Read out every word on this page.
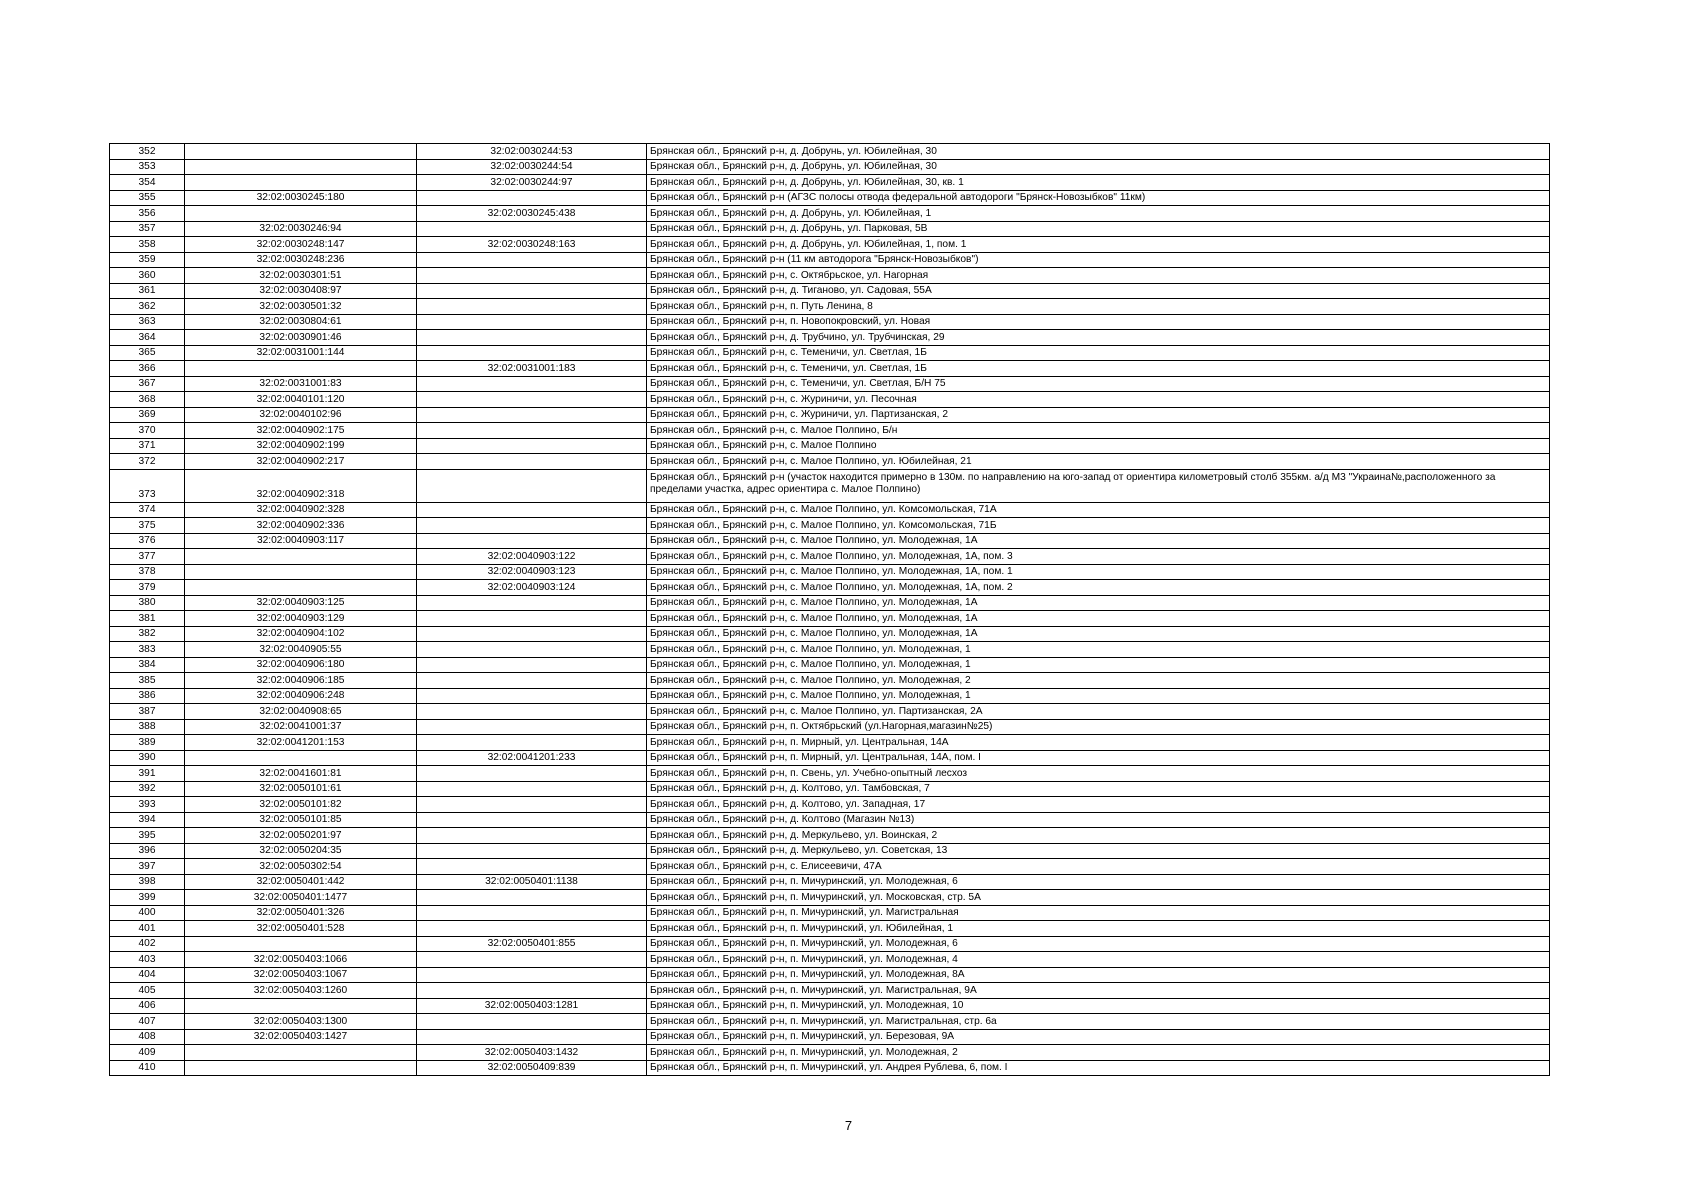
352		32:02:0030244:53	Брянская обл., Брянский р-н, д. Добрунь, ул. Юбилейная, 30
353		32:02:0030244:54	Брянская обл., Брянский р-н, д. Добрунь, ул. Юбилейная, 30
354		32:02:0030244:97	Брянская обл., Брянский р-н, д. Добрунь, ул. Юбилейная, 30, кв. 1
355	32:02:0030245:180		Брянская обл., Брянский р-н (АГЗС полосы отвода федеральной автодороги "Брянск-Новозыбков" 11км)
356		32:02:0030245:438	Брянская обл., Брянский р-н, д. Добрунь, ул. Юбилейная, 1
357	32:02:0030246:94		Брянская обл., Брянский р-н, д. Добрунь, ул. Парковая, 5В
358	32:02:0030248:147	32:02:0030248:163	Брянская обл., Брянский р-н, д. Добрунь, ул. Юбилейная, 1, пом. 1
359	32:02:0030248:236		Брянская обл., Брянский р-н (11 км автодорога "Брянск-Новозыбков")
360	32:02:0030301:51		Брянская обл., Брянский р-н, с. Октябрьское, ул. Нагорная
361	32:02:0030408:97		Брянская обл., Брянский р-н, д. Тиганово, ул. Садовая, 55А
362	32:02:0030501:32		Брянская обл., Брянский р-н, п. Путь Ленина, 8
363	32:02:0030804:61		Брянская обл., Брянский р-н, п. Новопокровский, ул. Новая
364	32:02:0030901:46		Брянская обл., Брянский р-н, д. Трубчино, ул. Трубчинская, 29
365	32:02:0031001:144		Брянская обл., Брянский р-н, с. Теменичи, ул. Светлая, 1Б
366		32:02:0031001:183	Брянская обл., Брянский р-н, с. Теменичи, ул. Светлая, 1Б
367	32:02:0031001:83		Брянская обл., Брянский р-н, с. Теменичи, ул. Светлая, Б/Н 75
368	32:02:0040101:120		Брянская обл., Брянский р-н, с. Журиничи, ул. Песочная
369	32:02:0040102:96		Брянская обл., Брянский р-н, с. Журиничи, ул. Партизанская, 2
370	32:02:0040902:175		Брянская обл., Брянский р-н, с. Малое Полпино, Б/н
371	32:02:0040902:199		Брянская обл., Брянский р-н, с. Малое Полпино
372	32:02:0040902:217		Брянская обл., Брянский р-н, с. Малое Полпино, ул. Юбилейная, 21
373	32:02:0040902:318		Брянская обл., Брянский р-н (участок находится примерно в 130м. по направлению на юго-запад от ориентира километровый столб 355км. а/д М3 "Украина№,расположенного за пределами участка, адрес ориентира с. Малое Полпино)
374	32:02:0040902:328		Брянская обл., Брянский р-н, с. Малое Полпино, ул. Комсомольская, 71А
375	32:02:0040902:336		Брянская обл., Брянский р-н, с. Малое Полпино, ул. Комсомольская, 71Б
376	32:02:0040903:117		Брянская обл., Брянский р-н, с. Малое Полпино, ул. Молодежная, 1А
377		32:02:0040903:122	Брянская обл., Брянский р-н, с. Малое Полпино, ул. Молодежная, 1А, пом. 3
378		32:02:0040903:123	Брянская обл., Брянский р-н, с. Малое Полпино, ул. Молодежная, 1А, пом. 1
379		32:02:0040903:124	Брянская обл., Брянский р-н, с. Малое Полпино, ул. Молодежная, 1А, пом. 2
380	32:02:0040903:125		Брянская обл., Брянский р-н, с. Малое Полпино, ул. Молодежная, 1А
381	32:02:0040903:129		Брянская обл., Брянский р-н, с. Малое Полпино, ул. Молодежная, 1А
382	32:02:0040904:102		Брянская обл., Брянский р-н, с. Малое Полпино, ул. Молодежная, 1А
383	32:02:0040905:55		Брянская обл., Брянский р-н, с. Малое Полпино, ул. Молодежная, 1
384	32:02:0040906:180		Брянская обл., Брянский р-н, с. Малое Полпино, ул. Молодежная, 1
385	32:02:0040906:185		Брянская обл., Брянский р-н, с. Малое Полпино, ул. Молодежная, 2
386	32:02:0040906:248		Брянская обл., Брянский р-н, с. Малое Полпино, ул. Молодежная, 1
387	32:02:0040908:65		Брянская обл., Брянский р-н, с. Малое Полпино, ул. Партизанская, 2А
388	32:02:0041001:37		Брянская обл., Брянский р-н, п. Октябрьский (ул.Нагорная,магазин№25)
389	32:02:0041201:153		Брянская обл., Брянский р-н, п. Мирный, ул. Центральная, 14А
390		32:02:0041201:233	Брянская обл., Брянский р-н, п. Мирный, ул. Центральная, 14А, пом. I
391	32:02:0041601:81		Брянская обл., Брянский р-н, п. Свень, ул. Учебно-опытный лесхоз
392	32:02:0050101:61		Брянская обл., Брянский р-н, д. Колтово, ул. Тамбовская, 7
393	32:02:0050101:82		Брянская обл., Брянский р-н, д. Колтово, ул. Западная, 17
394	32:02:0050101:85		Брянская обл., Брянский р-н, д. Колтово (Магазин №13)
395	32:02:0050201:97		Брянская обл., Брянский р-н, д. Меркульево, ул. Воинская, 2
396	32:02:0050204:35		Брянская обл., Брянский р-н, д. Меркульево, ул. Советская, 13
397	32:02:0050302:54		Брянская обл., Брянский р-н, с. Елисеевичи, 47А
398	32:02:0050401:442	32:02:0050401:1138	Брянская обл., Брянский р-н, п. Мичуринский, ул. Молодежная, 6
399	32:02:0050401:1477		Брянская обл., Брянский р-н, п. Мичуринский, ул. Московская, стр. 5А
400	32:02:0050401:326		Брянская обл., Брянский р-н, п. Мичуринский, ул. Магистральная
401	32:02:0050401:528		Брянская обл., Брянский р-н, п. Мичуринский, ул. Юбилейная, 1
402		32:02:0050401:855	Брянская обл., Брянский р-н, п. Мичуринский, ул. Молодежная, 6
403	32:02:0050403:1066		Брянская обл., Брянский р-н, п. Мичуринский, ул. Молодежная, 4
404	32:02:0050403:1067		Брянская обл., Брянский р-н, п. Мичуринский, ул. Молодежная, 8А
405	32:02:0050403:1260		Брянская обл., Брянский р-н, п. Мичуринский, ул. Магистральная, 9А
406		32:02:0050403:1281	Брянская обл., Брянский р-н, п. Мичуринский, ул. Молодежная, 10
407	32:02:0050403:1300		Брянская обл., Брянский р-н, п. Мичуринский, ул. Магистральная, стр. 6а
408	32:02:0050403:1427		Брянская обл., Брянский р-н, п. Мичуринский, ул. Березовая, 9А
409		32:02:0050403:1432	Брянская обл., Брянский р-н, п. Мичуринский, ул. Молодежная, 2
410		32:02:0050409:839	Брянская обл., Брянский р-н, п. Мичуринский, ул. Андрея Рублева, 6, пом. I
7
